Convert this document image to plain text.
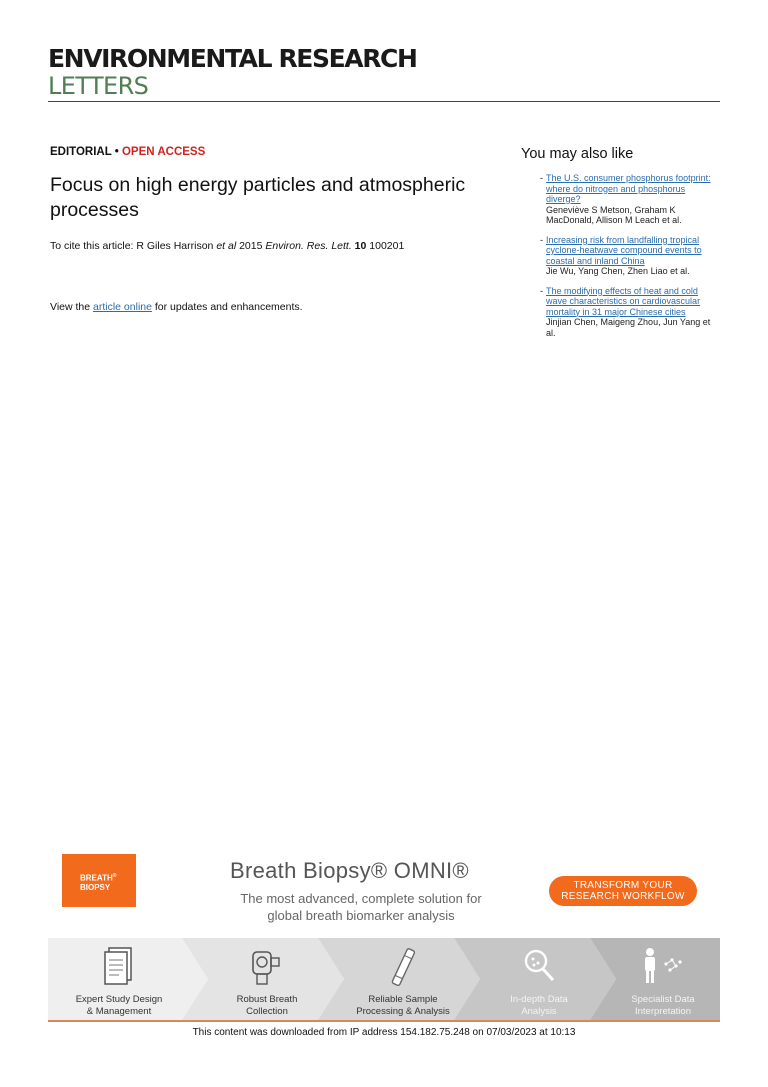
ENVIRONMENTAL RESEARCH
LETTERS
EDITORIAL • OPEN ACCESS
Focus on high energy particles and atmospheric processes
To cite this article: R Giles Harrison et al 2015 Environ. Res. Lett. 10 100201
View the article online for updates and enhancements.
You may also like
- The U.S. consumer phosphorus footprint: where do nitrogen and phosphorus diverge?
Geneviève S Metson, Graham K MacDonald, Allison M Leach et al.
- Increasing risk from landfalling tropical cyclone-heatwave compound events to coastal and inland China
Jie Wu, Yang Chen, Zhen Liao et al.
- The modifying effects of heat and cold wave characteristics on cardiovascular mortality in 31 major Chinese cities
Jinjian Chen, Maigeng Zhou, Jun Yang et al.
BREATH®
BIOPSY
Breath Biopsy® OMNI®
The most advanced, complete solution for
global breath biomarker analysis
TRANSFORM YOUR
RESEARCH WORKFLOW
Expert Study Design
& Management
Robust Breath
Collection
Reliable Sample
Processing & Analysis
In-depth Data
Analysis
Specialist Data
Interpretation
This content was downloaded from IP address 154.182.75.248 on 07/03/2023 at 10:13
